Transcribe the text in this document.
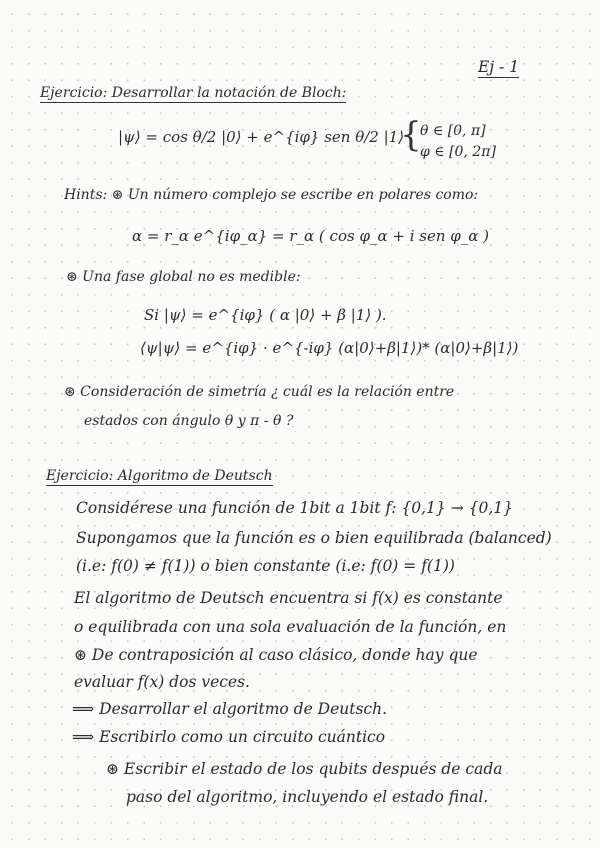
Ej - 1
Ejercicio: Desarrollar la notación de Bloch:
|ψ⟩ = cos θ/2 |0⟩ + e^{iφ} sen θ/2 |1⟩
{
θ ∈ [0, π]
φ ∈ [0, 2π]
Hints: ⊛ Un número complejo se escribe en polares como:
α = r_α e^{iφ_α} = r_α ( cos φ_α + i sen φ_α )
⊛ Una fase global no es medible:
Si |ψ⟩ = e^{iφ} ( α |0⟩ + β |1⟩ ).
⟨ψ|ψ⟩ = e^{iφ} · e^{-iφ} (α|0⟩+β|1⟩)* (α|0⟩+β|1⟩)
⊛ Consideración de simetría ¿ cuál es la relación entre
estados con ángulo θ y π - θ ?
Ejercicio: Algoritmo de Deutsch
Considérese una función de 1bit a 1bit f: {0,1} → {0,1}
Supongamos que la función es o bien equilibrada (balanced)
(i.e: f(0) ≠ f(1)) o bien constante (i.e: f(0) = f(1))
El algoritmo de Deutsch encuentra si f(x) es constante
o equilibrada con una sola evaluación de la función, en
⊛ De contraposición al caso clásico, donde hay que
evaluar f(x) dos veces.
⟹ Desarrollar el algoritmo de Deutsch.
⟹ Escribirlo como un circuito cuántico
⊛ Escribir el estado de los qubits después de cada
paso del algoritmo, incluyendo el estado final.
